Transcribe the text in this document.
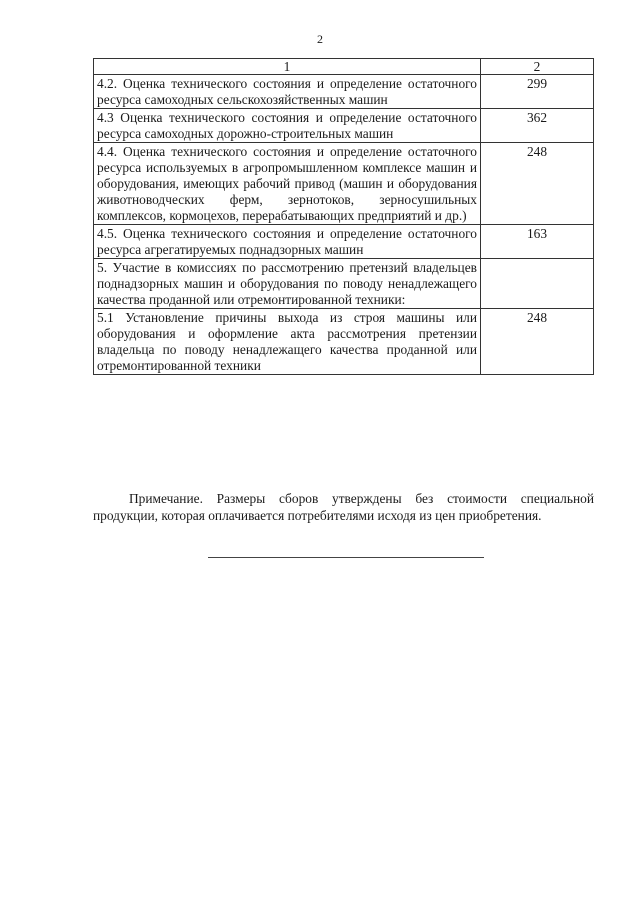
2
1	2
4.2. Оценка технического состояния и определение остаточного ресурса самоходных сельскохозяйственных машин	299
4.3 Оценка технического состояния и определение остаточного ресурса самоходных дорожно-строительных машин	362
4.4. Оценка технического состояния и определение остаточного ресурса используемых в агропромышленном комплексе машин и оборудования, имеющих рабочий привод (машин и оборудования животноводческих ферм, зернотоков, зерносушильных комплексов, кормоцехов, перерабатывающих предприятий и др.)	248
4.5. Оценка технического состояния и определение остаточного ресурса агрегатируемых поднадзорных машин	163
5. Участие в комиссиях по рассмотрению претензий владельцев поднадзорных машин и оборудования по поводу ненадлежащего качества проданной или отремонтированной техники:	
5.1 Установление причины выхода из строя машины или оборудования и оформление акта рассмотрения претензии владельца по поводу ненадлежащего качества проданной или отремонтированной техники	248
Примечание. Размеры сборов утверждены без стоимости специальной продукции, которая оплачивается потребителями исходя из цен приобретения.
